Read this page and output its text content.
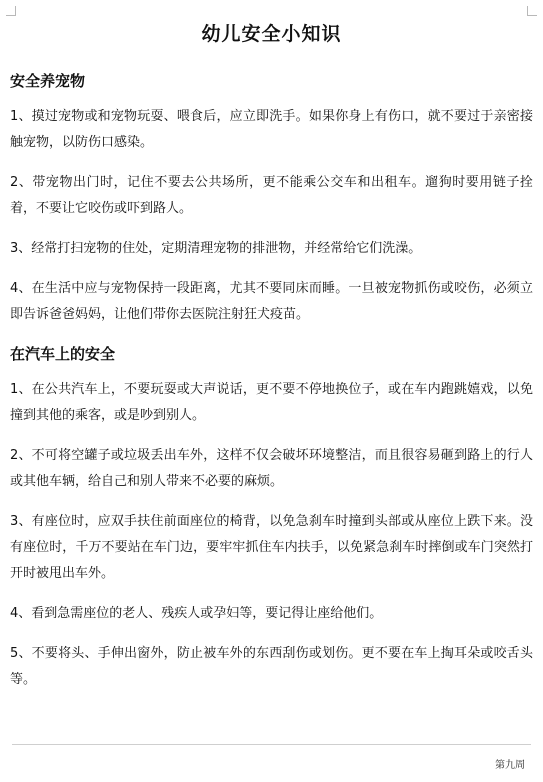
幼儿安全小知识
安全养宠物

1、摸过宠物或和宠物玩耍、喂食后，应立即洗手。如果你身上有伤口，就不要过于亲密接触宠物，以防伤口感染。

2、带宠物出门时，记住不要去公共场所，更不能乘公交车和出租车。遛狗时要用链子拴着，不要让它咬伤或吓到路人。

3、经常打扫宠物的住处，定期清理宠物的排泄物，并经常给它们洗澡。

4、在生活中应与宠物保持一段距离，尤其不要同床而睡。一旦被宠物抓伤或咬伤，必须立即告诉爸爸妈妈，让他们带你去医院注射狂犬疫苗。

在汽车上的安全

1、在公共汽车上，不要玩耍或大声说话，更不要不停地换位子，或在车内跑跳嬉戏，以免撞到其他的乘客，或是吵到别人。

2、不可将空罐子或垃圾丢出车外，这样不仅会破坏环境整洁，而且很容易砸到路上的行人或其他车辆，给自己和别人带来不必要的麻烦。

3、有座位时，应双手扶住前面座位的椅背，以免急刹车时撞到头部或从座位上跌下来。没有座位时，千万不要站在车门边，要牢牢抓住车内扶手，以免紧急刹车时摔倒或车门突然打开时被甩出车外。

4、看到急需座位的老人、残疾人或孕妇等，要记得让座给他们。

5、不要将头、手伸出窗外，防止被车外的东西刮伤或划伤。更不要在车上掏耳朵或咬舌头等。

第九周
